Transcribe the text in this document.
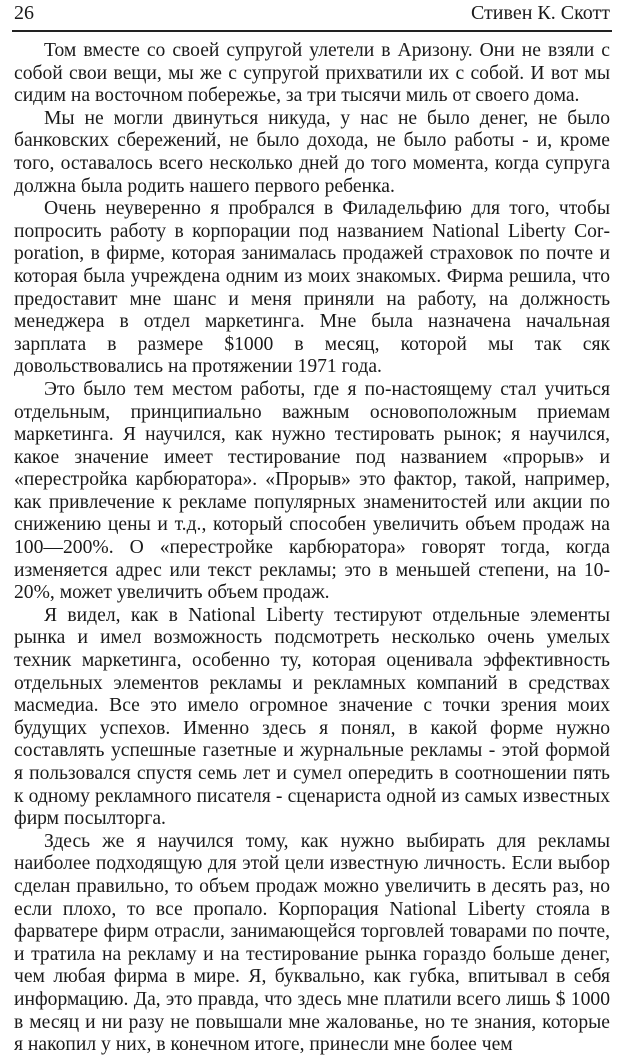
26	Стивен К. Скотт

Том вместе со своей супругой улетели в Аризону. Они не взяли с собой свои вещи, мы же с супругой прихватили их с собой. И вот мы сидим на восточном побережье, за три тысячи миль от своего дома.

Мы не могли двинуться никуда, у нас не было денег, не было банковских сбережений, не было дохода, не было работы - и, кроме того, оставалось всего несколько дней до того момента, когда супруга должна была родить нашего первого ребенка.

Очень неуверенно я пробрался в Филадельфию для того, чтобы попросить работу в корпорации под названием National Liberty Corporation, в фирме, которая занималась продажей страховок по почте и которая была учреждена одним из моих знакомых. Фирма решила, что предоставит мне шанс и меня приняли на работу, на должность менеджера в отдел маркетинга. Мне была назначена начальная зарплата в размере $1000 в месяц, которой мы так сяк довольствовались на протяжении 1971 года.

Это было тем местом работы, где я по-настоящему стал учиться отдельным, принципиально важным основоположным приемам маркетинга. Я научился, как нужно тестировать рынок; я научился, какое значение имеет тестирование под названием «прорыв» и «перестройка карбюратора». «Прорыв» это фактор, такой, например, как привлечение к рекламе популярных знаменитостей или акции по снижению цены и т.д., который способен увеличить объем продаж на 100—200%. О «перестройке карбюратора» говорят тогда, когда изменяется адрес или текст рекламы; это в меньшей степени, на 10-20%, может увеличить объем продаж.

Я видел, как в National Liberty тестируют отдельные элементы рынка и имел возможность подсмотреть несколько очень умелых техник маркетинга, особенно ту, которая оценивала эффективность отдельных элементов рекламы и рекламных компаний в средствах масмедиа. Все это имело огромное значение с точки зрения моих будущих успехов. Именно здесь я понял, в какой форме нужно составлять успешные газетные и журнальные рекламы - этой формой я пользовался спустя семь лет и сумел опередить в соотношении пять к одному рекламного писателя - сценариста одной из самых известных фирм посылторга.

Здесь же я научился тому, как нужно выбирать для рекламы наиболее подходящую для этой цели известную личность. Если выбор сделан правильно, то объем продаж можно увеличить в десять раз, но если плохо, то все пропало. Корпорация National Liberty стояла в фарватере фирм отрасли, занимающейся торговлей товарами по почте, и тратила на рекламу и на тестирование рынка гораздо больше денег, чем любая фирма в мире. Я, буквально, как губка, впитывал в себя информацию. Да, это правда, что здесь мне платили всего лишь $ 1000 в месяц и ни разу не повышали мне жалованье, но те знания, которые я накопил у них, в конечном итоге, принесли мне более чем
